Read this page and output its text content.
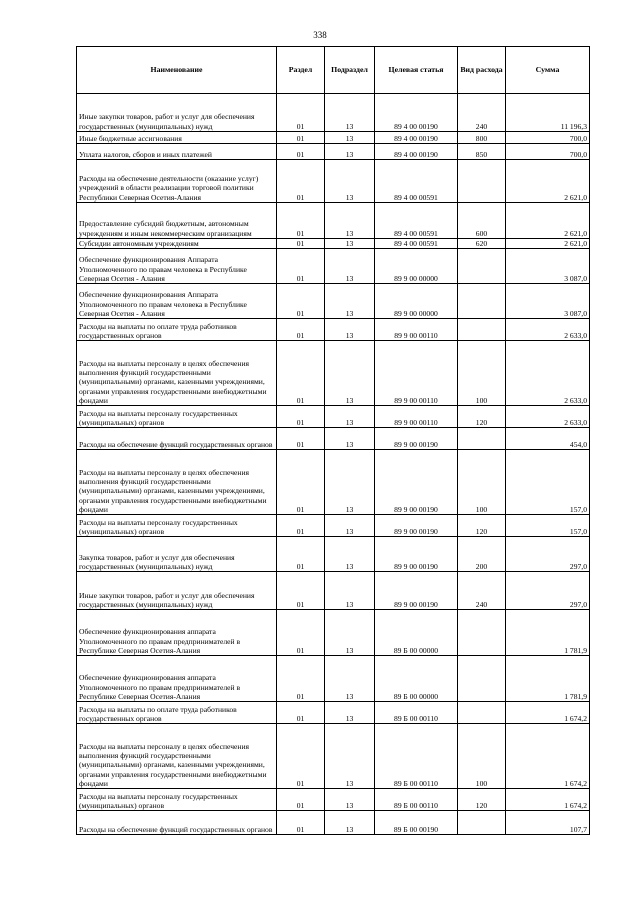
338
Наименование	Раздел	Подраздел	Целевая статья	Вид расхода	Сумма
Иные закупки товаров, работ и услуг для обеспечения государственных (муниципальных) нужд	01	13	89 4 00 00190	240	11 196,3
Иные бюджетные ассигнования	01	13	89 4 00 00190	800	700,0
Уплата налогов, сборов и иных платежей	01	13	89 4 00 00190	850	700,0
Расходы на обеспечение деятельности (оказание услуг) учреждений в области реализации торговой политики Республики Северная Осетия-Алания	01	13	89 4 00 00591		2 621,0
Предоставление субсидий бюджетным, автономным учреждениям и иным некоммерческим организациям	01	13	89 4 00 00591	600	2 621,0
Субсидии автономным учреждениям	01	13	89 4 00 00591	620	2 621,0
Обеспечение функционирования Аппарата Уполномоченного по правам человека в Республике Северная Осетия - Алания	01	13	89 9 00 00000		3 087,0
Обеспечение функционирования Аппарата Уполномоченного по правам человека в Республике Северная Осетия - Алания	01	13	89 9 00 00000		3 087,0
Расходы на выплаты по оплате труда работников государственных органов	01	13	89 9 00 00110		2 633,0
Расходы на выплаты персоналу в целях обеспечения выполнения функций государственными (муниципальными) органами, казенными учреждениями, органами управления государственными внебюджетными фондами	01	13	89 9 00 00110	100	2 633,0
Расходы на выплаты персоналу государственных (муниципальных) органов	01	13	89 9 00 00110	120	2 633,0
Расходы на обеспечение функций государственных органов	01	13	89 9 00 00190		454,0
Расходы на выплаты персоналу в целях обеспечения выполнения функций государственными (муниципальными) органами, казенными учреждениями, органами управления государственными внебюджетными фондами	01	13	89 9 00 00190	100	157,0
Расходы на выплаты персоналу государственных (муниципальных) органов	01	13	89 9 00 00190	120	157,0
Закупка товаров, работ и услуг для обеспечения государственных (муниципальных) нужд	01	13	89 9 00 00190	200	297,0
Иные закупки товаров, работ и услуг для обеспечения государственных (муниципальных) нужд	01	13	89 9 00 00190	240	297,0
Обеспечение функционирования аппарата Уполномоченного по правам предпринимателей в Республике Северная Осетия-Алания	01	13	89 Б 00 00000		1 781,9
Обеспечение функционирования аппарата Уполномоченного по правам предпринимателей в Республике Северная Осетия-Алания	01	13	89 Б 00 00000		1 781,9
Расходы на выплаты по оплате труда работников государственных органов	01	13	89 Б 00 00110		1 674,2
Расходы на выплаты персоналу в целях обеспечения выполнения функций государственными (муниципальными) органами, казенными учреждениями, органами управления государственными внебюджетными фондами	01	13	89 Б 00 00110	100	1 674,2
Расходы на выплаты персоналу государственных (муниципальных) органов	01	13	89 Б 00 00110	120	1 674,2
Расходы на обеспечение функций государственных органов	01	13	89 Б 00 00190		107,7
